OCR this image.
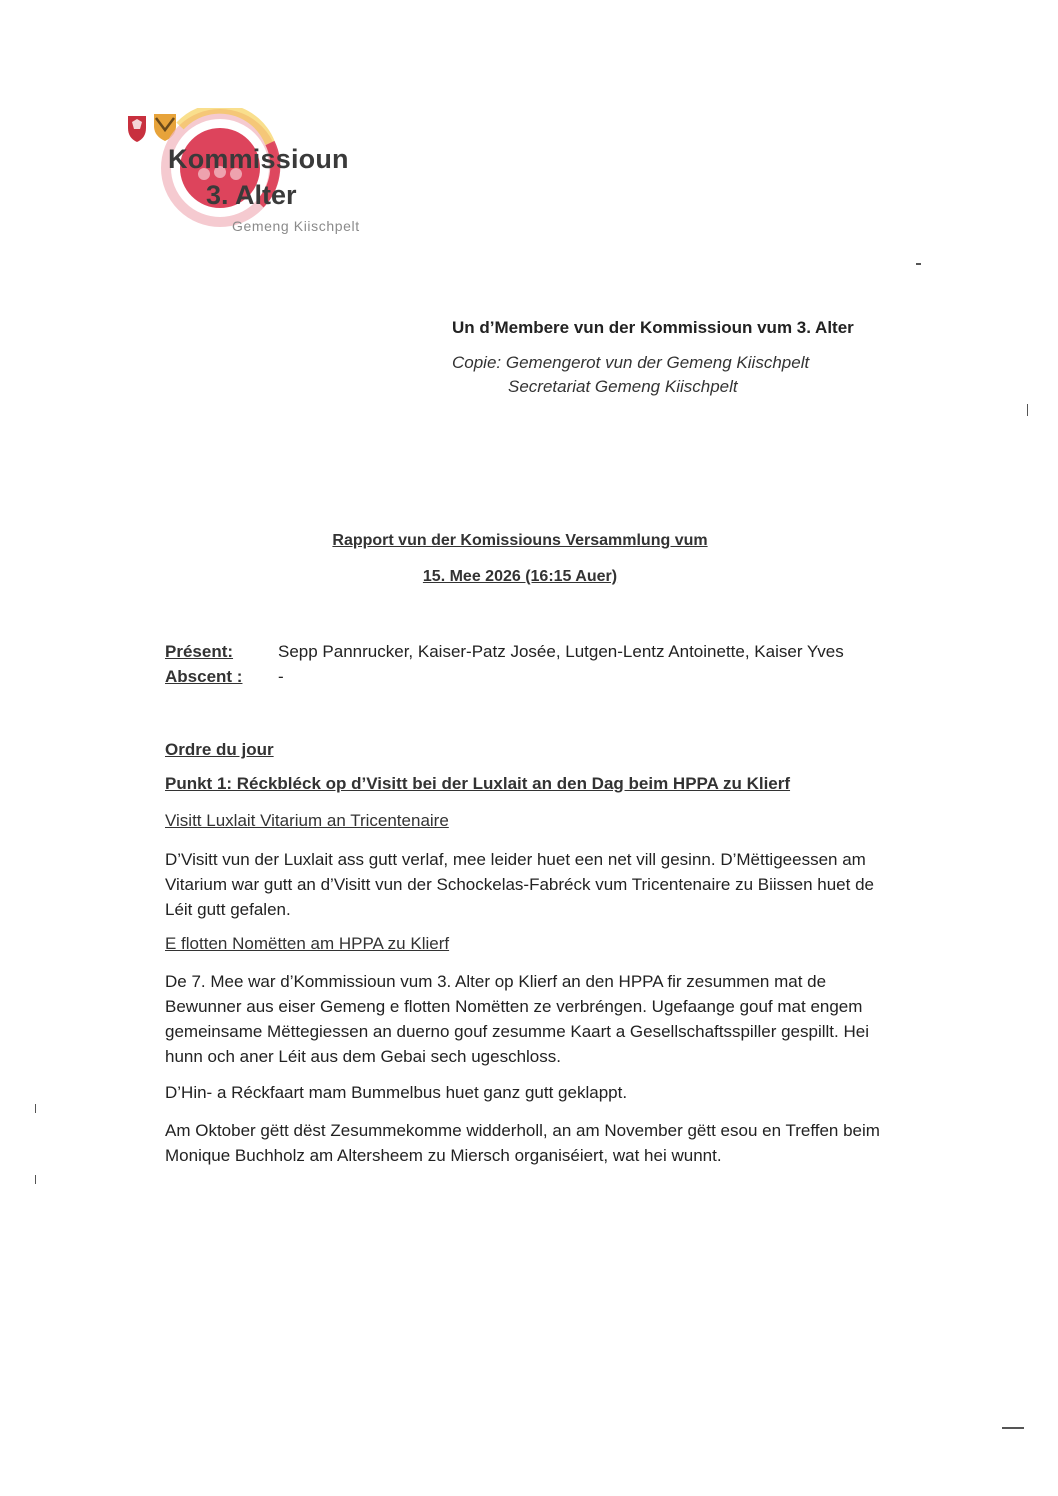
Kommissioun
3. Alter
Gemeng Kiischpelt
Un d’Membere vun der Kommissioun vum 3. Alter
Copie: Gemengerot vun der Gemeng Kiischpelt
Secretariat Gemeng Kiischpelt
Rapport vun der Komissiouns Versammlung vum
15. Mee 2026 (16:15 Auer)
Présent:	Sepp Pannrucker, Kaiser-Patz Josée, Lutgen-Lentz Antoinette, Kaiser Yves
Abscent : -
Ordre du jour
Punkt 1: Réckbléck op d’Visitt bei der Luxlait an den Dag beim HPPA zu Klierf
Visitt Luxlait Vitarium an Tricentenaire
D’Visitt vun der Luxlait ass gutt verlaf, mee leider huet een net vill gesinn. D’Mëttigeessen am Vitarium war gutt an d’Visitt vun der Schockelas-Fabréck vum Tricentenaire zu Biissen huet de Léit gutt gefalen.
E flotten Nomëtten am HPPA zu Klierf
De 7. Mee war d’Kommissioun vum 3. Alter op Klierf an den HPPA fir zesummen mat de Bewunner aus eiser Gemeng e flotten Nomëtten ze verbréngen. Ugefaange gouf mat engem gemeinsame Mëttegiessen an duerno gouf zesumme Kaart a Gesellschaftsspiller gespillt. Hei hunn och aner Léit aus dem Gebai sech ugeschloss.
D’Hin- a Réckfaart mam Bummelbus huet ganz gutt geklappt.
Am Oktober gëtt dëst Zesummekomme widderholl, an am November gëtt esou en Treffen beim Monique Buchholz am Altersheem zu Miersch organiséiert, wat hei wunnt.
